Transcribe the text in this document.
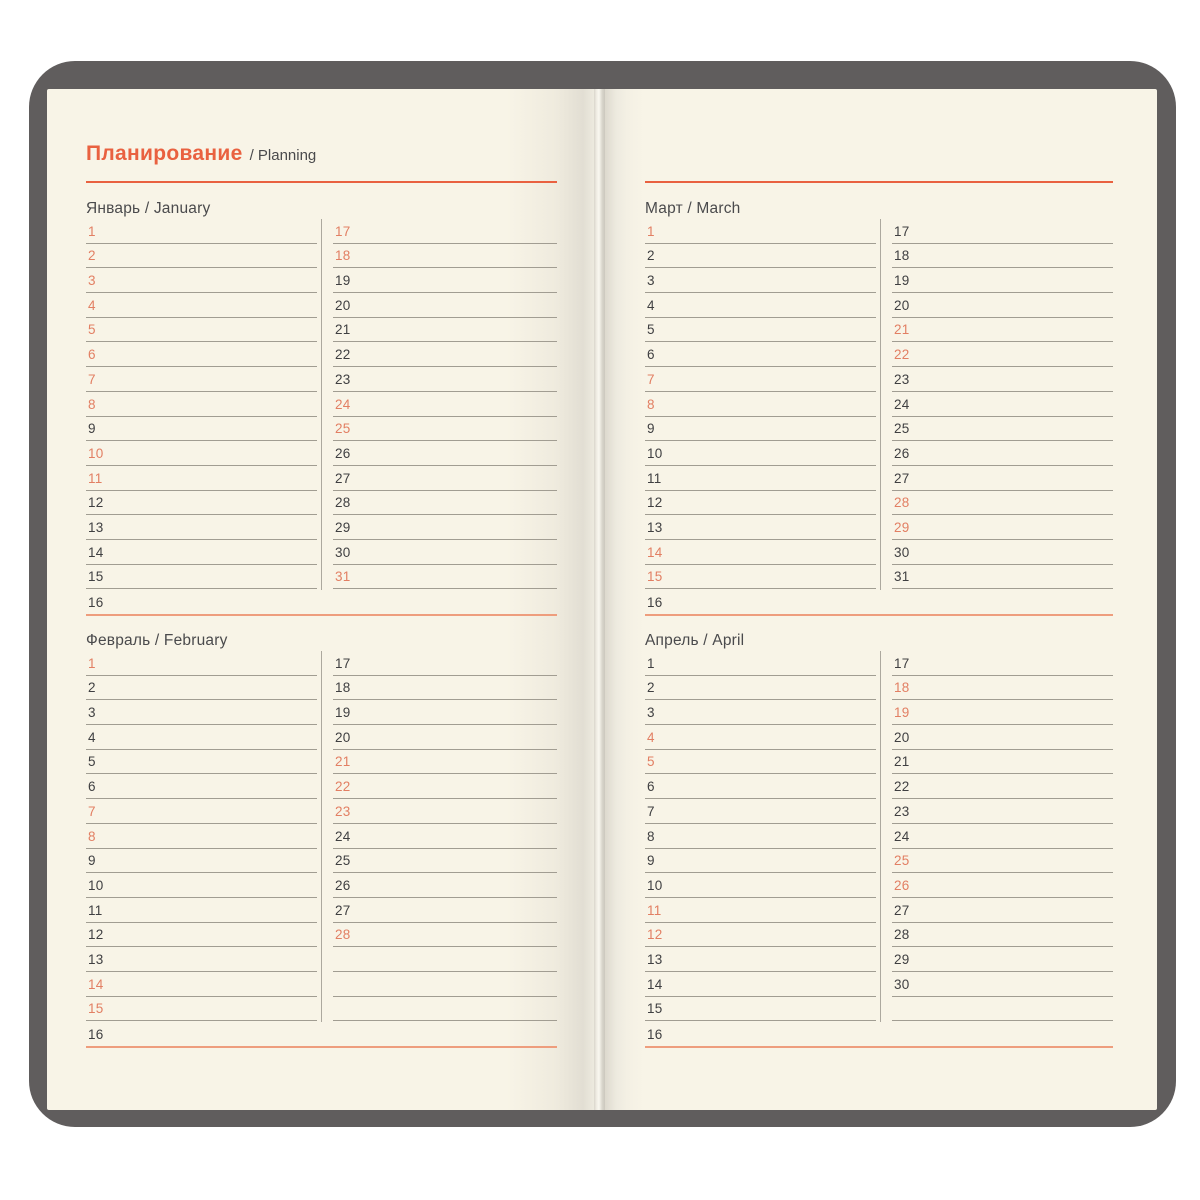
Планирование / Planning
Январь / January
1
2
3
4
5
6
7
8
9
10
11
12
13
14
15
16
17
18
19
20
21
22
23
24
25
26
27
28
29
30
31
Февраль / February
1
2
3
4
5
6
7
8
9
10
11
12
13
14
15
16
17
18
19
20
21
22
23
24
25
26
27
28
Март / March
1
2
3
4
5
6
7
8
9
10
11
12
13
14
15
16
17
18
19
20
21
22
23
24
25
26
27
28
29
30
31
Апрель / April
1
2
3
4
5
6
7
8
9
10
11
12
13
14
15
16
17
18
19
20
21
22
23
24
25
26
27
28
29
30
